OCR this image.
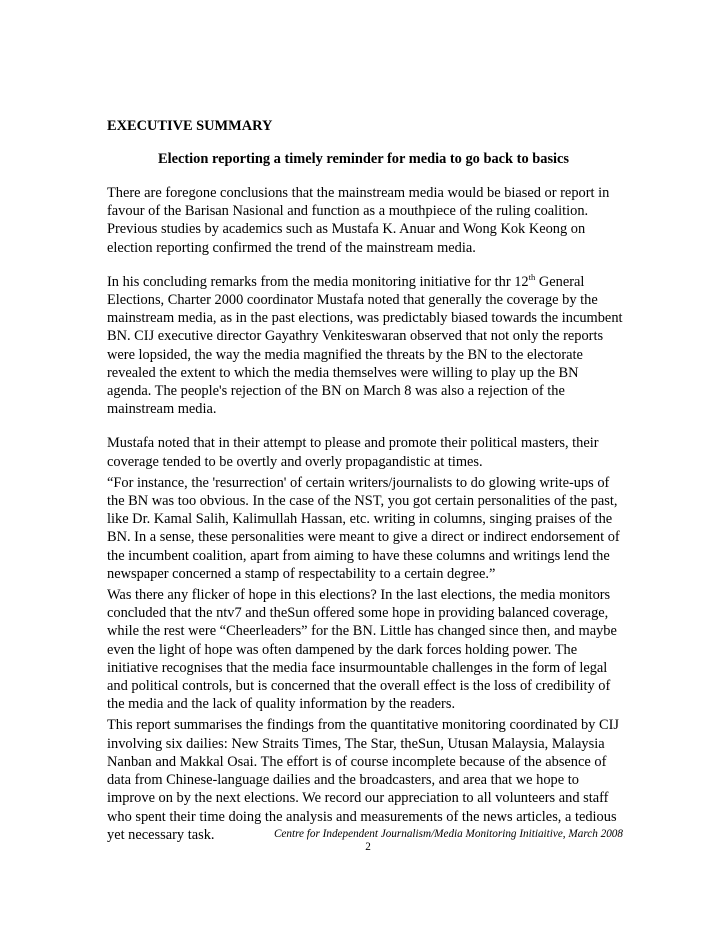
EXECUTIVE SUMMARY

Election reporting a timely reminder for media to go back to basics

There are foregone conclusions that the mainstream media would be biased or report in favour of the Barisan Nasional and function as a mouthpiece of the ruling coalition. Previous studies by academics such as Mustafa K. Anuar and Wong Kok Keong on election reporting confirmed the trend of the mainstream media.

In his concluding remarks from the media monitoring initiative for thr 12th General Elections, Charter 2000 coordinator Mustafa noted that generally the coverage by the mainstream media, as in the past elections, was predictably biased towards the incumbent BN. CIJ executive director Gayathry Venkiteswaran observed that not only the reports were lopsided, the way the media magnified the threats by the BN to the electorate revealed the extent to which the media themselves were willing to play up the BN agenda. The people's rejection of the BN on March 8 was also a rejection of the mainstream media.

Mustafa noted that in their attempt to please and promote their political masters, their coverage tended to be overtly and overly propagandistic at times.

“For instance, the 'resurrection' of certain writers/journalists to do glowing write-ups of the BN was too obvious. In the case of the NST, you got certain personalities of the past, like Dr. Kamal Salih, Kalimullah Hassan, etc. writing in columns, singing praises of the BN. In a sense, these personalities were meant to give a direct or indirect endorsement of the incumbent coalition, apart from aiming to have these columns and writings lend the newspaper concerned a stamp of respectability to a certain degree.”

Was there any flicker of hope in this elections? In the last elections, the media monitors concluded that the ntv7 and theSun offered some hope in providing balanced coverage, while the rest were “Cheerleaders” for the BN. Little has changed since then, and maybe even the light of hope was often dampened by the dark forces holding power. The initiative recognises that the media face insurmountable challenges in the form of legal and political controls, but is concerned that the overall effect is the loss of credibility of the media and the lack of quality information by the readers.

This report summarises the findings from the quantitative monitoring coordinated by CIJ involving six dailies: New Straits Times, The Star, theSun, Utusan Malaysia, Malaysia Nanban and Makkal Osai. The effort is of course incomplete because of the absence of data from Chinese-language dailies and the broadcasters, and area that we hope to improve on by the next elections. We record our appreciation to all volunteers and staff who spent their time doing the analysis and measurements of the news articles, a tedious yet necessary task.	Centre for Independent Journalism/Media Monitoring Initiaitive, March 2008
2
